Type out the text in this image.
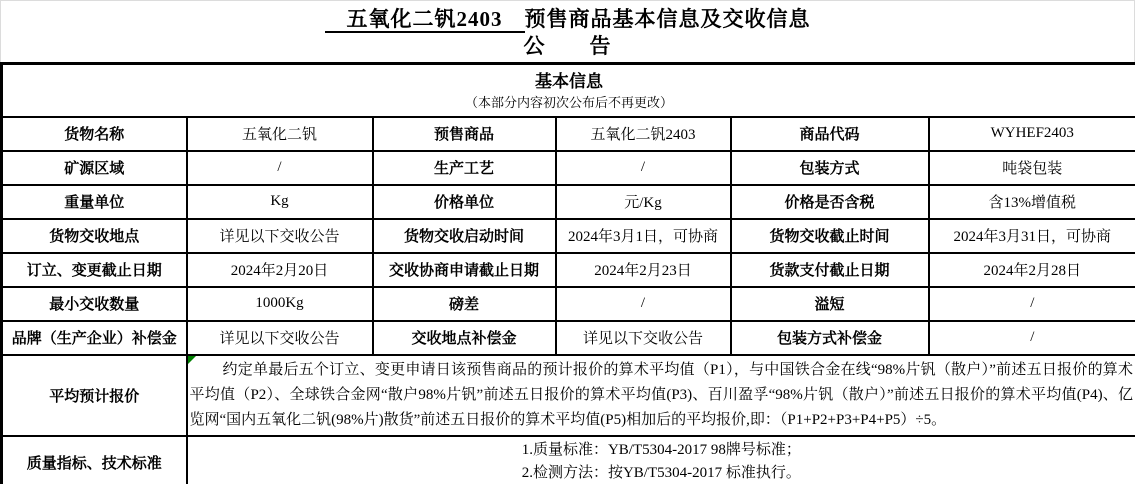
　五氧化二钒2403　预售商品基本信息及交收信息
公　　告
基本信息
（本部分内容初次公布后不再更改）					

货物名称	五氧化二钒	预售商品	五氧化二钒2403	商品代码	WYHEF2403
矿源区域	/	生产工艺	/	包装方式	吨袋包装
重量单位	Kg	价格单位	元/Kg	价格是否含税	含13%增值税
货物交收地点	详见以下交收公告	货物交收启动时间	2024年3月1日，可协商	货物交收截止时间	2024年3月31日，可协商
订立、变更截止日期	2024年2月20日	交收协商申请截止日期	2024年2月23日	货款支付截止日期	2024年2月28日
最小交收数量	1000Kg	磅差	/	溢短	/
品牌（生产企业）补偿金	详见以下交收公告	交收地点补偿金	详见以下交收公告	包装方式补偿金	/
平均预计报价	约定单最后五个订立、变更申请日该预售商品的预计报价的算术平均值（P1），与中国铁合金在线“98%片钒（散户）”前述五日报价的算术平均值（P2）、全球铁合金网“散户98%片钒”前述五日报价的算术平均值(P3)、百川盈孚“98%片钒（散户）”前述五日报价的算术平均值(P4)、亿览网“国内五氧化二钒(98%片)散货”前述五日报价的算术平均值(P5)相加后的平均报价,即：（P1+P2+P3+P4+P5）÷5。				

质量指标、技术标准	1.质量标准：YB/T5304-2017 98牌号标准；
2.检测方法：按YB/T5304-2017 标准执行。				
